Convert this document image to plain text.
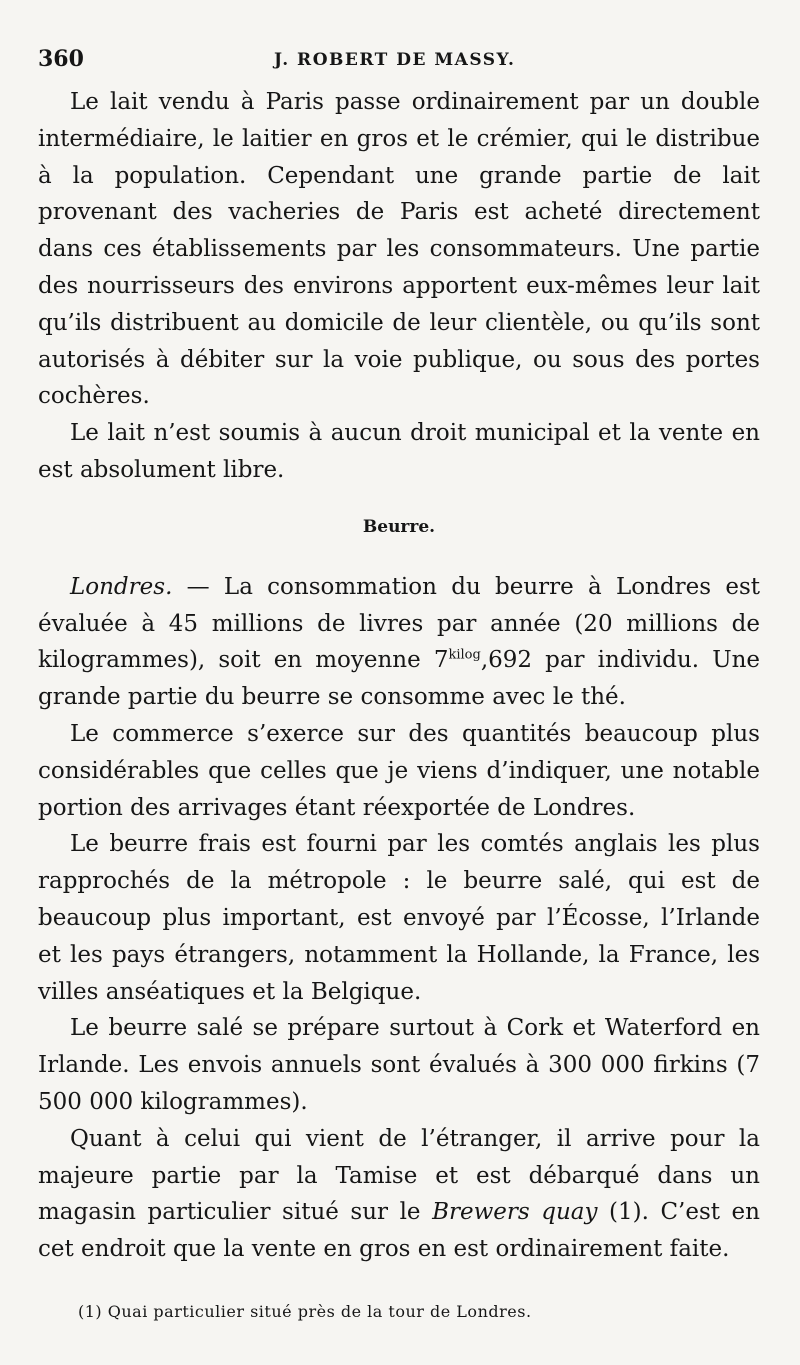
360	J. ROBERT DE MASSY.

Le lait vendu à Paris passe ordinairement par un double intermédiaire, le laitier en gros et le crémier, qui le distribue à la population. Cependant une grande partie de lait provenant des vacheries de Paris est acheté directement dans ces établissements par les consommateurs. Une partie des nourrisseurs des environs apportent eux-mêmes leur lait qu’ils distribuent au domicile de leur clientèle, ou qu’ils sont autorisés à débiter sur la voie publique, ou sous des portes cochères.

Le lait n’est soumis à aucun droit municipal et la vente en est absolument libre.

Beurre.

Londres. — La consommation du beurre à Londres est évaluée à 45 millions de livres par année (20 millions de kilogrammes), soit en moyenne $7^{kilog},692$ par individu. Une grande partie du beurre se consomme avec le thé.

Le commerce s’exerce sur des quantités beaucoup plus considérables que celles que je viens d’indiquer, une notable portion des arrivages étant réexportée de Londres.

Le beurre frais est fourni par les comtés anglais les plus rapprochés de la métropole : le beurre salé, qui est de beaucoup plus important, est envoyé par l’Écosse, l’Irlande et les pays étrangers, notamment la Hollande, la France, les villes anséatiques et la Belgique.

Le beurre salé se prépare surtout à Cork et Waterford en Irlande. Les envois annuels sont évalués à 300 000 firkins (7 500 000 kilogrammes).

Quant à celui qui vient de l’étranger, il arrive pour la majeure partie par la Tamise et est débarqué dans un magasin particulier situé sur le Brewers quay (1). C’est en cet endroit que la vente en gros en est ordinairement faite.

(1) Quai particulier situé près de la tour de Londres.
